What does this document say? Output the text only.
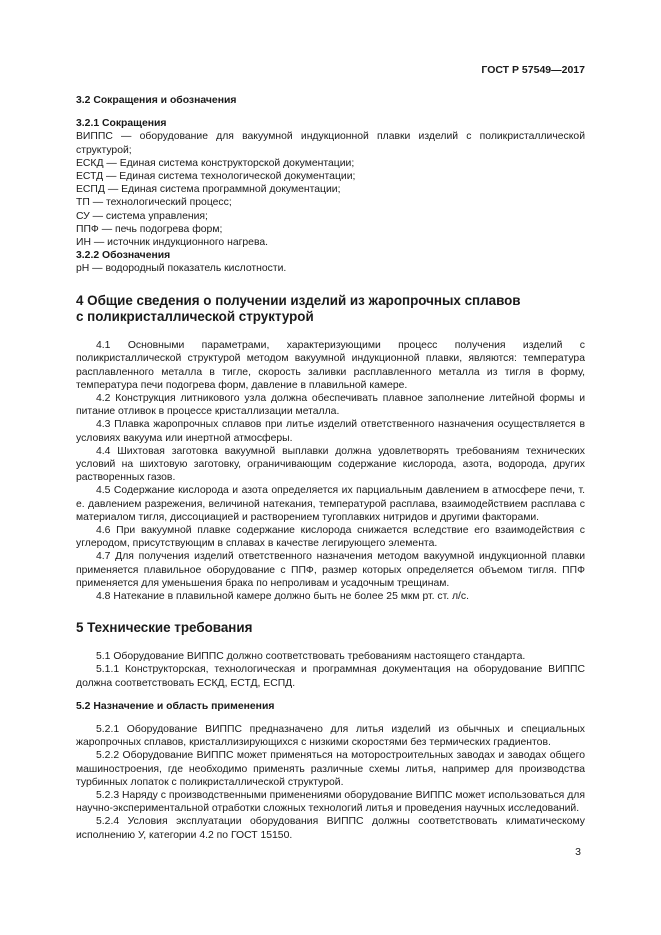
ГОСТ Р 57549—2017

3.2 Сокращения и обозначения

3.2.1 Сокращения

ВИППС — оборудование для вакуумной индукционной плавки изделий с поликристаллической структурой;

ЕСКД — Единая система конструкторской документации;

ЕСТД — Единая система технологической документации;

ЕСПД — Единая система программной документации;

ТП — технологический процесс;

СУ — система управления;

ППФ — печь подогрева форм;

ИН — источник индукционного нагрева.

3.2.2 Обозначения

pH — водородный показатель кислотности.

4 Общие сведения о получении изделий из жаропрочных сплавов с поликристаллической структурой

4.1 Основными параметрами, характеризующими процесс получения изделий с поликристаллической структурой методом вакуумной индукционной плавки, являются: температура расплавленного металла в тигле, скорость заливки расплавленного металла из тигля в форму, температура печи подогрева форм, давление в плавильной камере.

4.2 Конструкция литникового узла должна обеспечивать плавное заполнение литейной формы и питание отливок в процессе кристаллизации металла.

4.3 Плавка жаропрочных сплавов при литье изделий ответственного назначения осуществляется в условиях вакуума или инертной атмосферы.

4.4 Шихтовая заготовка вакуумной выплавки должна удовлетворять требованиям технических условий на шихтовую заготовку, ограничивающим содержание кислорода, азота, водорода, других растворенных газов.

4.5 Содержание кислорода и азота определяется их парциальным давлением в атмосфере печи, т. е. давлением разрежения, величиной натекания, температурой расплава, взаимодействием расплава с материалом тигля, диссоциацией и растворением тугоплавких нитридов и другими факторами.

4.6 При вакуумной плавке содержание кислорода снижается вследствие его взаимодействия с углеродом, присутствующим в сплавах в качестве легирующего элемента.

4.7 Для получения изделий ответственного назначения методом вакуумной индукционной плавки применяется плавильное оборудование с ППФ, размер которых определяется объемом тигля. ППФ применяется для уменьшения брака по непроливам и усадочным трещинам.

4.8 Натекание в плавильной камере должно быть не более 25 мкм рт. ст. л/с.

5 Технические требования

5.1 Оборудование ВИППС должно соответствовать требованиям настоящего стандарта.

5.1.1 Конструкторская, технологическая и программная документация на оборудование ВИППС должна соответствовать ЕСКД, ЕСТД, ЕСПД.

5.2 Назначение и область применения

5.2.1 Оборудование ВИППС предназначено для литья изделий из обычных и специальных жаропрочных сплавов, кристаллизирующихся с низкими скоростями без термических градиентов.

5.2.2 Оборудование ВИППС может применяться на моторостроительных заводах и заводах общего машиностроения, где необходимо применять различные схемы литья, например для производства турбинных лопаток с поликристаллической структурой.

5.2.3 Наряду с производственными применениями оборудование ВИППС может использоваться для научно-экспериментальной отработки сложных технологий литья и проведения научных исследований.

5.2.4 Условия эксплуатации оборудования ВИППС должны соответствовать климатическому исполнению У, категории 4.2 по ГОСТ 15150.

3
